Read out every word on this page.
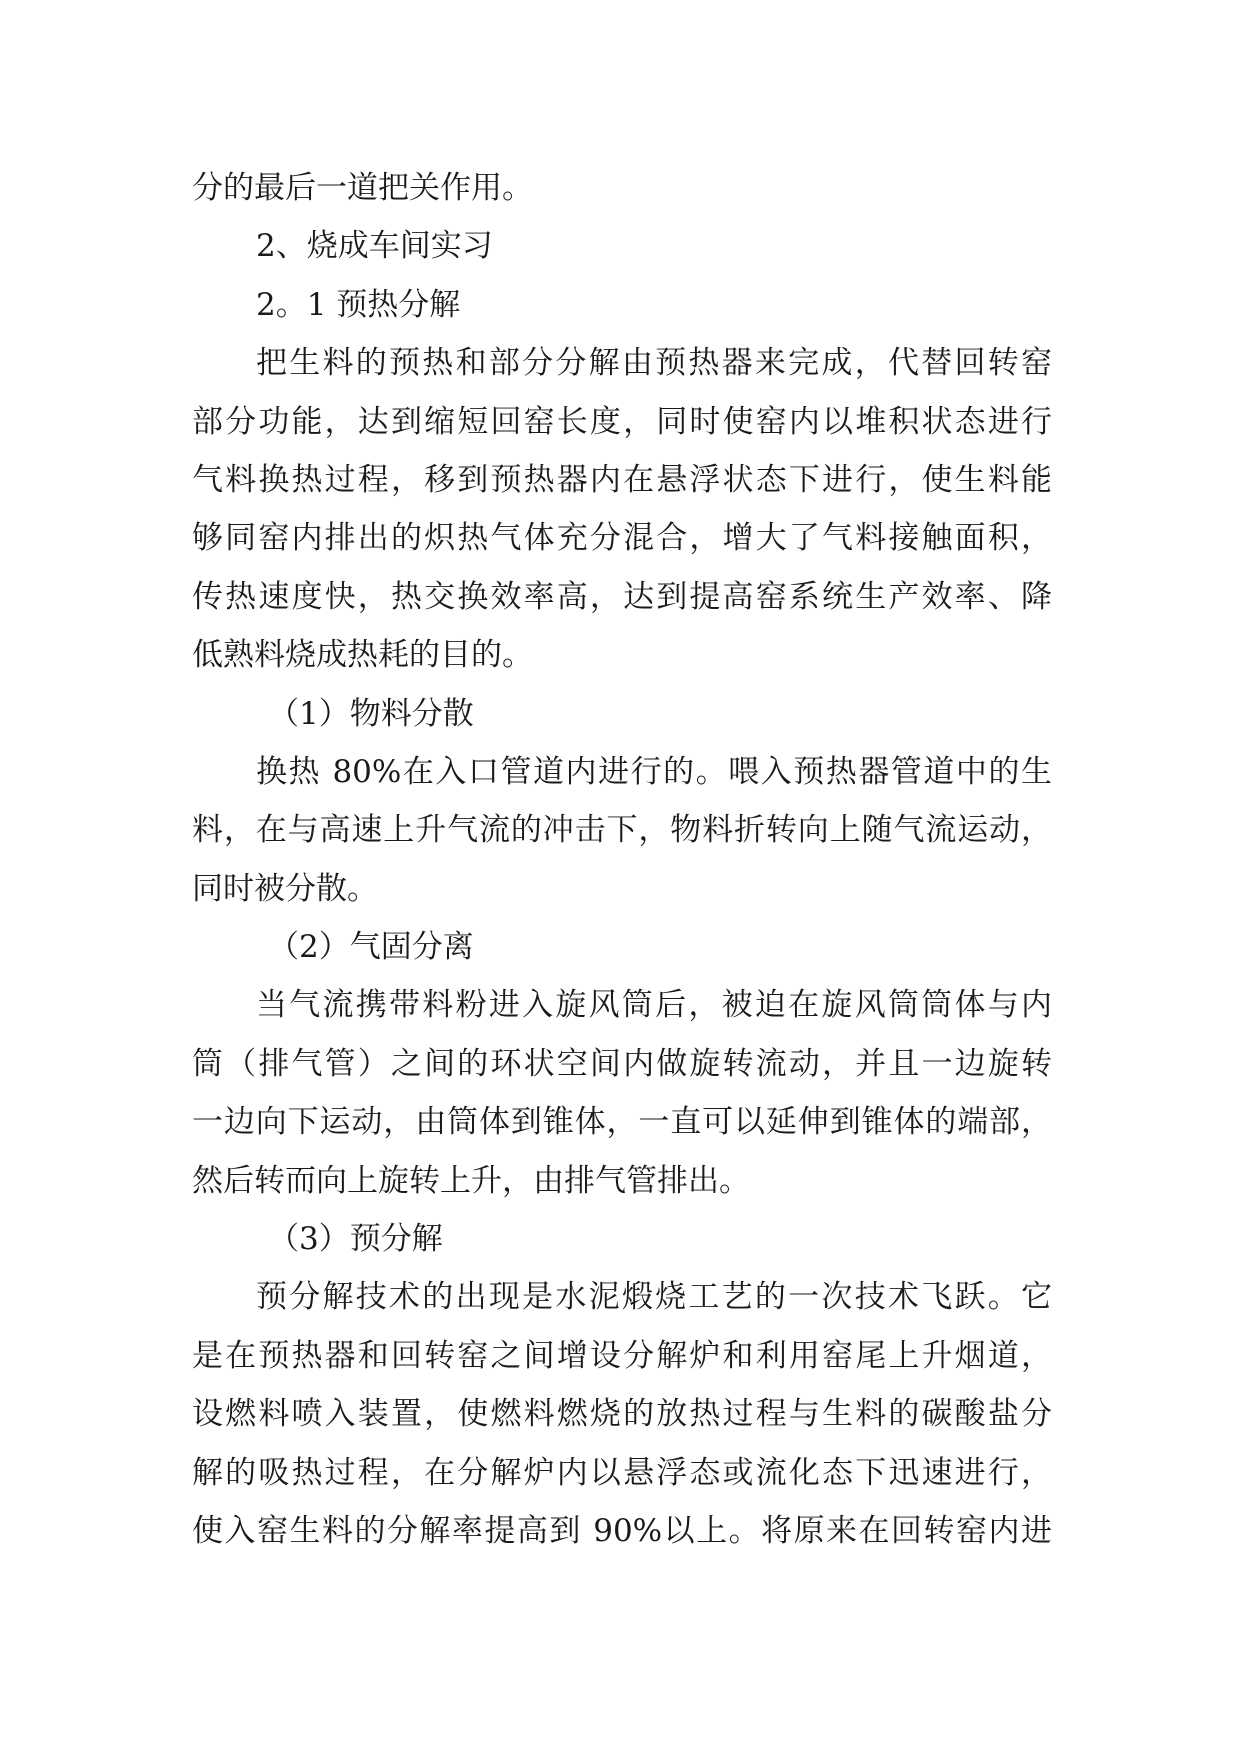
分的最后一道把关作用。
2、烧成车间实习
2。1 预热分解
把生料的预热和部分分解由预热器来完成，代替回转窑
部分功能，达到缩短回窑长度，同时使窑内以堆积状态进行
气料换热过程，移到预热器内在悬浮状态下进行，使生料能
够同窑内排出的炽热气体充分混合，增大了气料接触面积，
传热速度快，热交换效率高，达到提高窑系统生产效率、降
低熟料烧成热耗的目的。
（1）物料分散
换热 80%在入口管道内进行的。喂入预热器管道中的生
料，在与高速上升气流的冲击下，物料折转向上随气流运动，
同时被分散。
（2）气固分离
当气流携带料粉进入旋风筒后，被迫在旋风筒筒体与内
筒（排气管）之间的环状空间内做旋转流动，并且一边旋转
一边向下运动，由筒体到锥体，一直可以延伸到锥体的端部，
然后转而向上旋转上升，由排气管排出。
（3）预分解
预分解技术的出现是水泥煅烧工艺的一次技术飞跃。它
是在预热器和回转窑之间增设分解炉和利用窑尾上升烟道，
设燃料喷入装置，使燃料燃烧的放热过程与生料的碳酸盐分
解的吸热过程，在分解炉内以悬浮态或流化态下迅速进行，
使入窑生料的分解率提高到 90%以上。将原来在回转窑内进
